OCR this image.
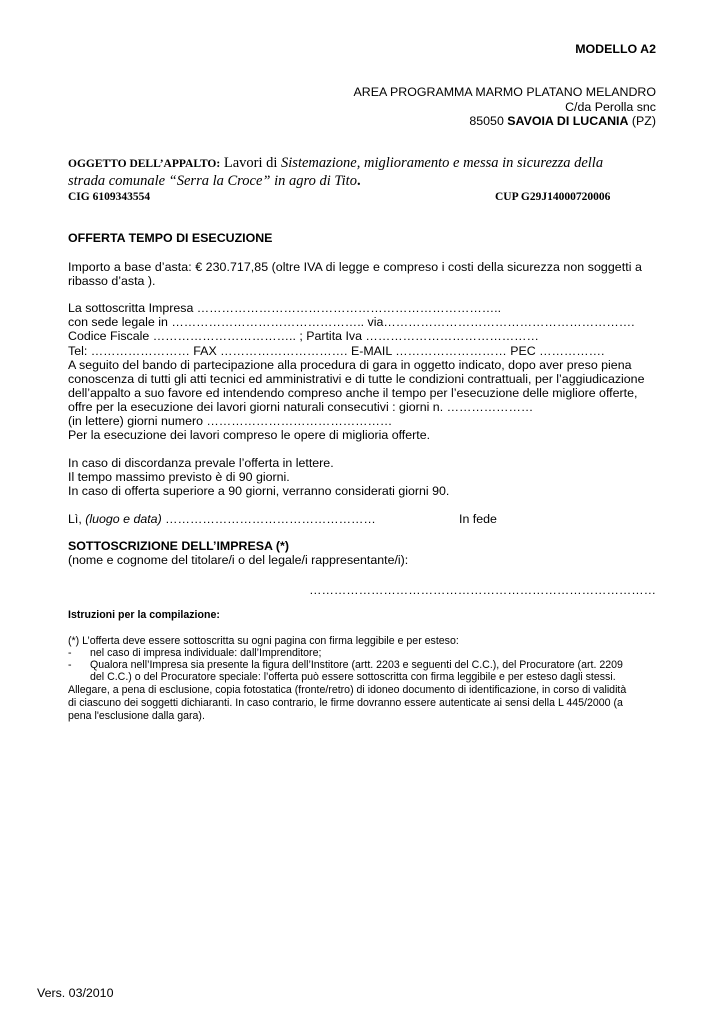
MODELLO A2
AREA PROGRAMMA MARMO PLATANO MELANDRO
C/da Perolla snc
85050 SAVOIA DI LUCANIA (PZ)
OGGETTO DELL’APPALTO: Lavori di Sistemazione, miglioramento e messa in sicurezza della
strada comunale “Serra la Croce” in agro di Tito.
CIG 6109343554	CUP G29J14000720006
OFFERTA TEMPO DI ESECUZIONE
Importo a base d’asta: € 230.717,85 (oltre IVA di legge e compreso i costi della sicurezza non soggetti a
ribasso d’asta ).
La sottoscritta Impresa ………………………………………………………………..
con sede legale in ……………………………………….. via…………………………………………………….
Codice Fiscale …………………………….. ; Partita Iva ……………………………………
Tel: …………………… FAX …………………………. E-MAIL ……………………… PEC …………….
A seguito del bando di partecipazione alla procedura di gara in oggetto indicato, dopo aver preso piena
conoscenza di tutti gli atti tecnici ed amministrativi e di tutte le condizioni contrattuali, per l’aggiudicazione
dell’appalto a suo favore ed intendendo compreso anche il tempo per l’esecuzione delle migliore offerte,
offre per la esecuzione dei lavori giorni naturali consecutivi : giorni n. …………………
(in lettere) giorni numero ………………………………………
Per la esecuzione dei lavori compreso le opere di miglioria offerte.
In caso di discordanza prevale l’offerta in lettere.
Il tempo massimo previsto è di 90 giorni.
In caso di offerta superiore a 90 giorni, verranno considerati giorni 90.
Lì, (luogo e data) ……………………………………………	In fede
SOTTOSCRIZIONE DELL’IMPRESA (*)
(nome e cognome del titolare/i o del legale/i rappresentante/i):
…………………………………………………………………………
Istruzioni per la compilazione:
(*) L’offerta deve essere sottoscritta su ogni pagina con firma leggibile e per esteso:
- nel caso di impresa individuale: dall’Imprenditore;
- Qualora nell’Impresa sia presente la figura dell’Institore (artt. 2203 e seguenti del C.C.), del Procuratore (art. 2209
del C.C.) o del Procuratore speciale: l’offerta può essere sottoscritta con firma leggibile e per esteso dagli stessi.
Allegare, a pena di esclusione, copia fotostatica (fronte/retro) di idoneo documento di identificazione, in corso di validità
di ciascuno dei soggetti dichiaranti. In caso contrario, le firme dovranno essere autenticate ai sensi della L 445/2000 (a
pena l'esclusione dalla gara).
Vers. 03/2010
